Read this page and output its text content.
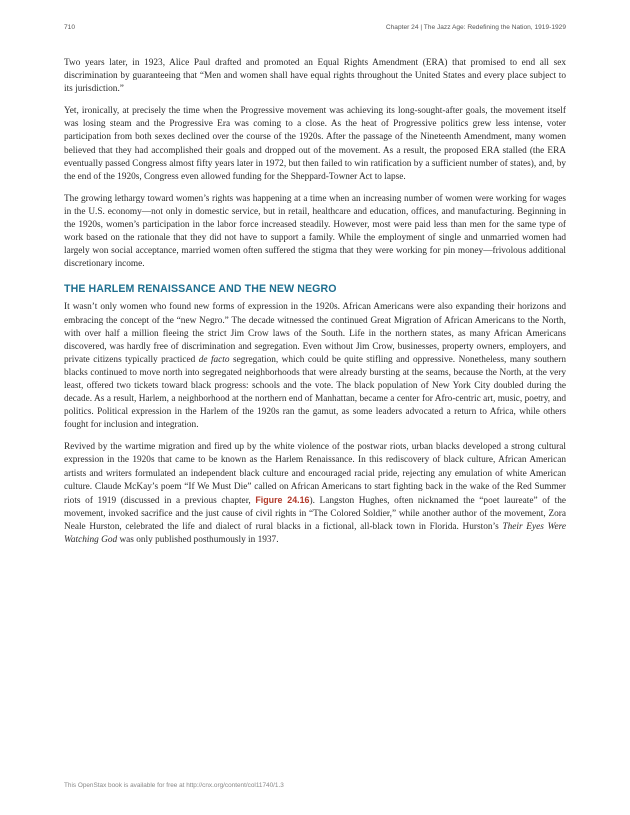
710	Chapter 24 | The Jazz Age: Redefining the Nation, 1919-1929

Two years later, in 1923, Alice Paul drafted and promoted an Equal Rights Amendment (ERA) that promised to end all sex discrimination by guaranteeing that “Men and women shall have equal rights throughout the United States and every place subject to its jurisdiction.”

Yet, ironically, at precisely the time when the Progressive movement was achieving its long-sought-after goals, the movement itself was losing steam and the Progressive Era was coming to a close. As the heat of Progressive politics grew less intense, voter participation from both sexes declined over the course of the 1920s. After the passage of the Nineteenth Amendment, many women believed that they had accomplished their goals and dropped out of the movement. As a result, the proposed ERA stalled (the ERA eventually passed Congress almost fifty years later in 1972, but then failed to win ratification by a sufficient number of states), and, by the end of the 1920s, Congress even allowed funding for the Sheppard-Towner Act to lapse.

The growing lethargy toward women’s rights was happening at a time when an increasing number of women were working for wages in the U.S. economy—not only in domestic service, but in retail, healthcare and education, offices, and manufacturing. Beginning in the 1920s, women’s participation in the labor force increased steadily. However, most were paid less than men for the same type of work based on the rationale that they did not have to support a family. While the employment of single and unmarried women had largely won social acceptance, married women often suffered the stigma that they were working for pin money—frivolous additional discretionary income.

THE HARLEM RENAISSANCE AND THE NEW NEGRO

It wasn’t only women who found new forms of expression in the 1920s. African Americans were also expanding their horizons and embracing the concept of the “new Negro.” The decade witnessed the continued Great Migration of African Americans to the North, with over half a million fleeing the strict Jim Crow laws of the South. Life in the northern states, as many African Americans discovered, was hardly free of discrimination and segregation. Even without Jim Crow, businesses, property owners, employers, and private citizens typically practiced de facto segregation, which could be quite stifling and oppressive. Nonetheless, many southern blacks continued to move north into segregated neighborhoods that were already bursting at the seams, because the North, at the very least, offered two tickets toward black progress: schools and the vote. The black population of New York City doubled during the decade. As a result, Harlem, a neighborhood at the northern end of Manhattan, became a center for Afro-centric art, music, poetry, and politics. Political expression in the Harlem of the 1920s ran the gamut, as some leaders advocated a return to Africa, while others fought for inclusion and integration.

Revived by the wartime migration and fired up by the white violence of the postwar riots, urban blacks developed a strong cultural expression in the 1920s that came to be known as the Harlem Renaissance. In this rediscovery of black culture, African American artists and writers formulated an independent black culture and encouraged racial pride, rejecting any emulation of white American culture. Claude McKay’s poem “If We Must Die” called on African Americans to start fighting back in the wake of the Red Summer riots of 1919 (discussed in a previous chapter, Figure 24.16). Langston Hughes, often nicknamed the “poet laureate” of the movement, invoked sacrifice and the just cause of civil rights in “The Colored Soldier,” while another author of the movement, Zora Neale Hurston, celebrated the life and dialect of rural blacks in a fictional, all-black town in Florida. Hurston’s Their Eyes Were Watching God was only published posthumously in 1937.

This OpenStax book is available for free at http://cnx.org/content/col11740/1.3
